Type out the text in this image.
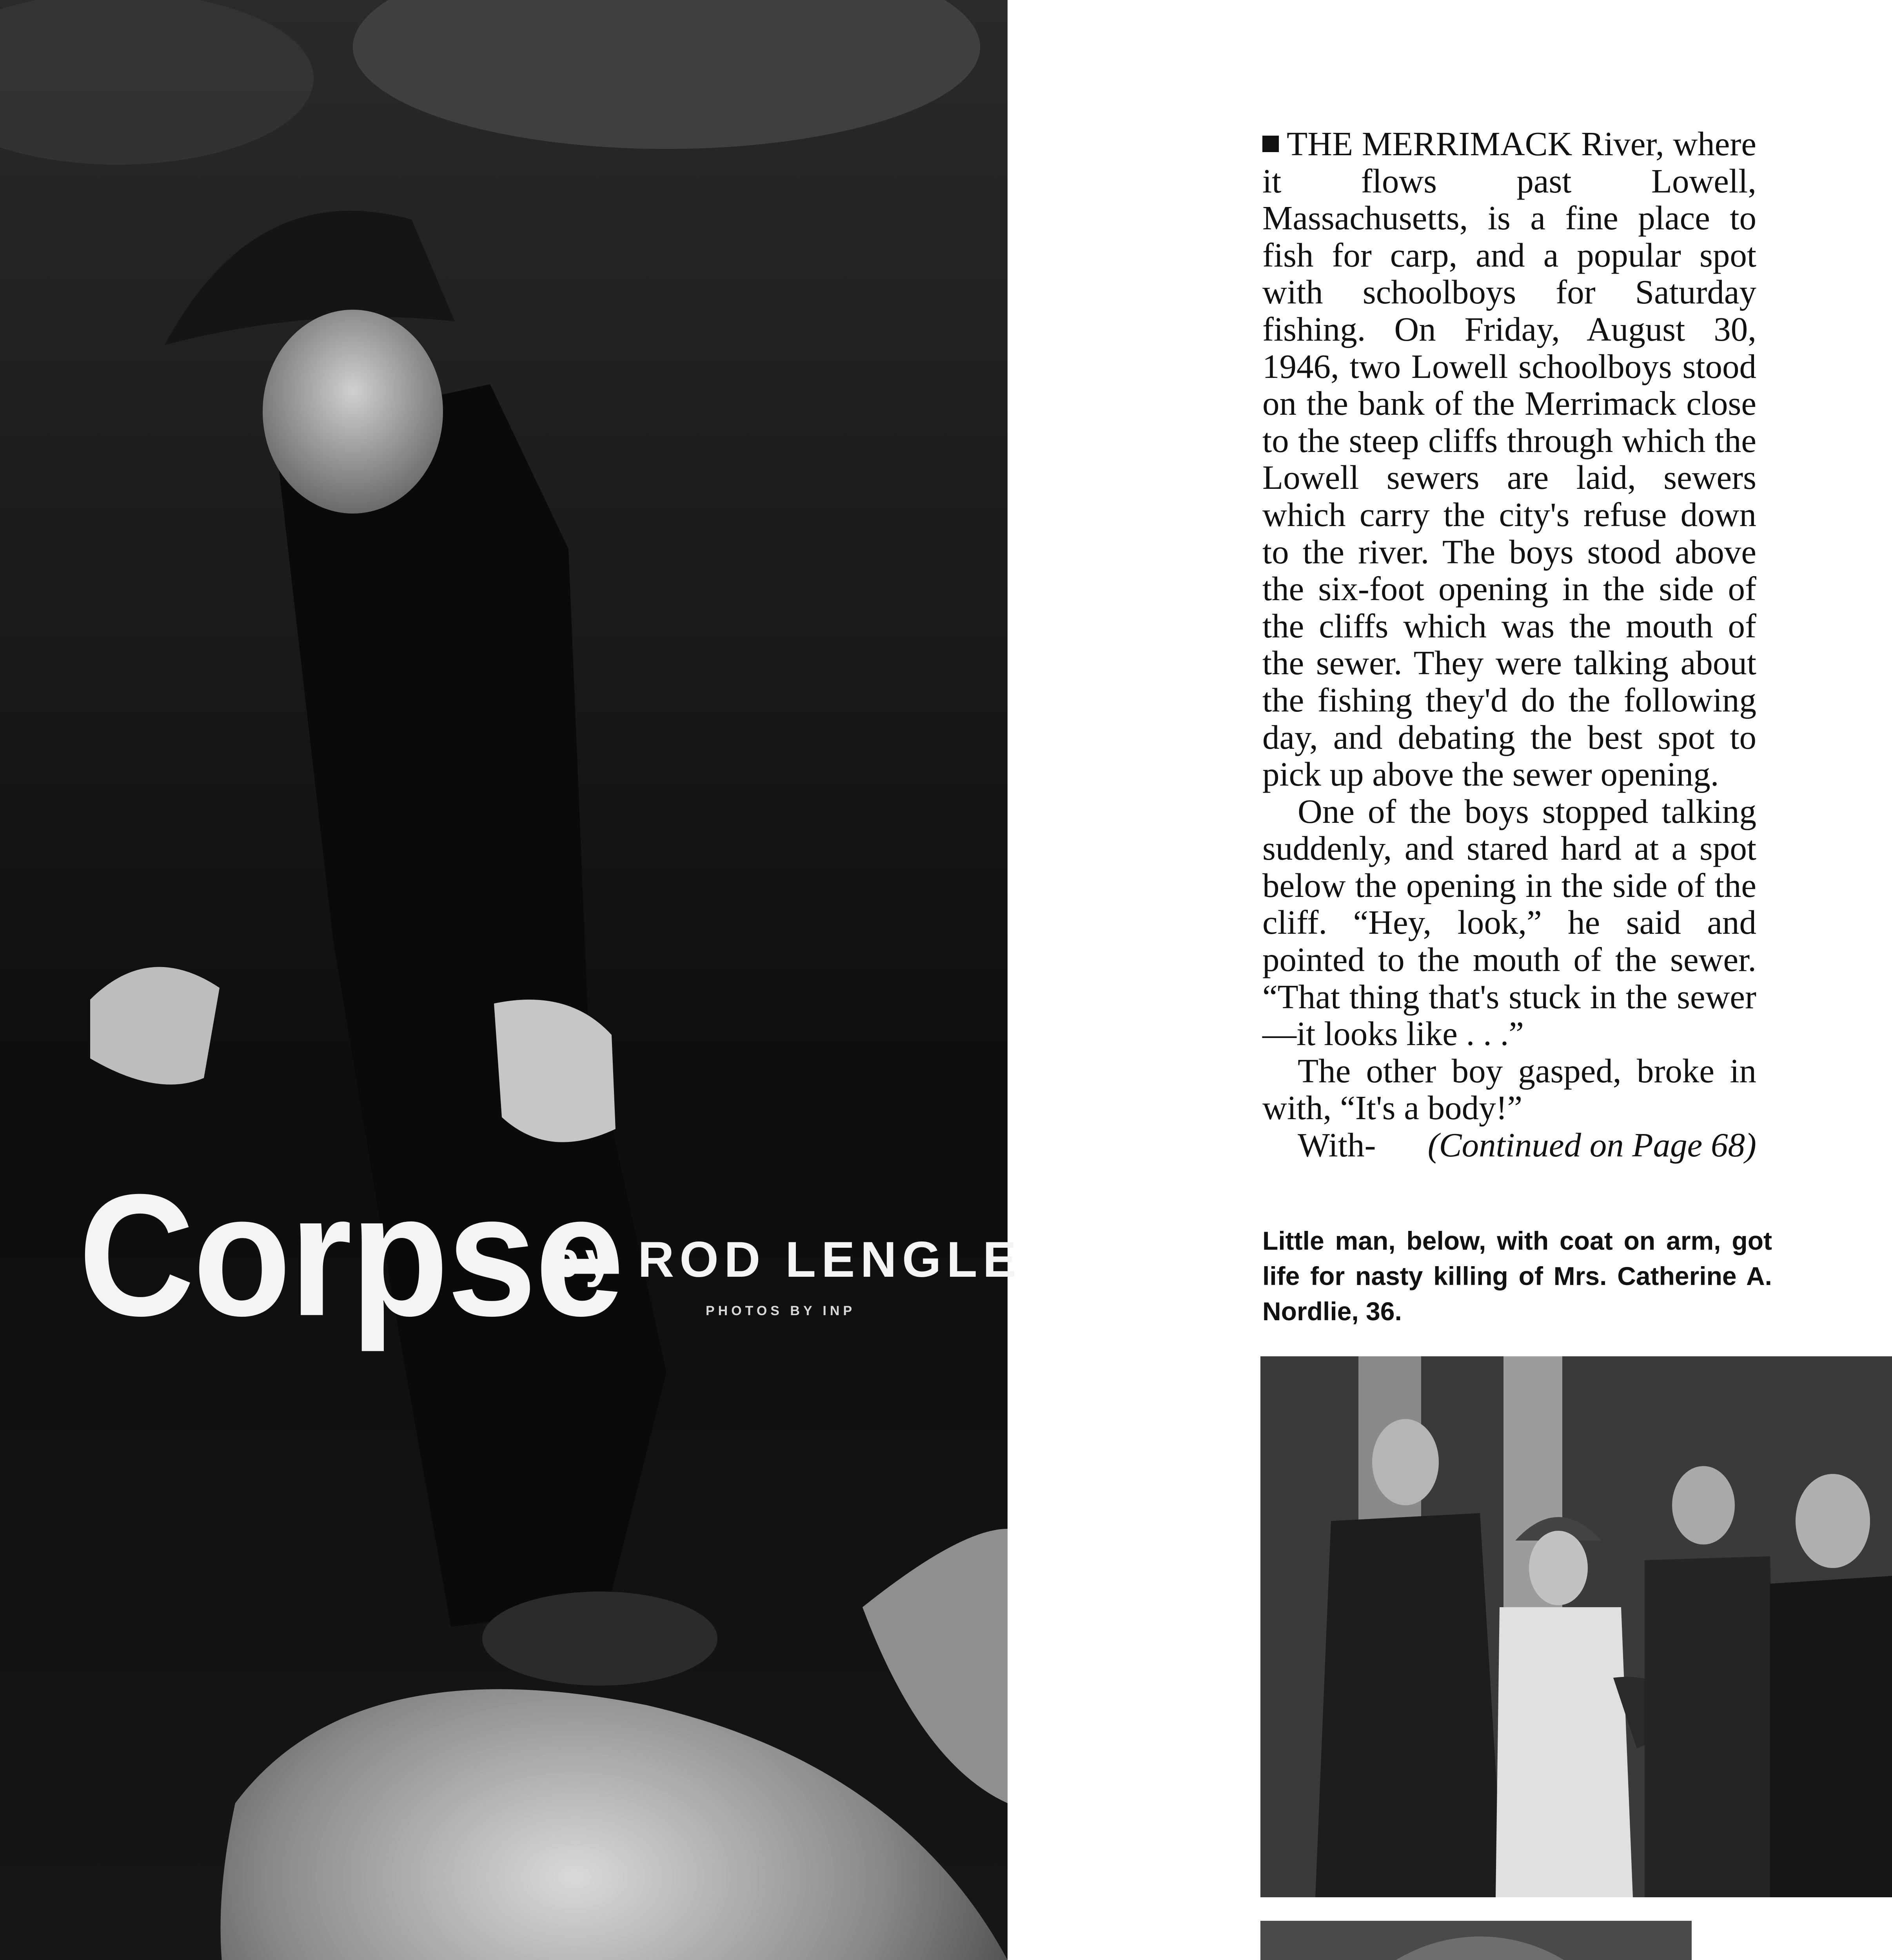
Corpse
by ROD LENGLE
PHOTOS BY INP

THE MERRIMACK River, where it flows past Lowell, Massachusetts, is a fine place to fish for carp, and a popular spot with schoolboys for Saturday fishing. On Friday, August 30, 1946, two Lowell schoolboys stood on the bank of the Merrimack close to the steep cliffs through which the Lowell sewers are laid, sewers which carry the city's refuse down to the river. The boys stood above the six-foot opening in the side of the cliffs which was the mouth of the sewer. They were talking about the fishing they'd do the following day, and debating the best spot to pick up above the sewer opening.

One of the boys stopped talking suddenly, and stared hard at a spot below the opening in the side of the cliff. “Hey, look,” he said and pointed to the mouth of the sewer. “That thing that's stuck in the sewer—it looks like . . .”

The other boy gasped, broke in with, “It's a body!”

With- (Continued on Page 68)
Little man, below, with coat on arm, got life for nasty killing of Mrs. Catherine A. Nordlie, 36.
